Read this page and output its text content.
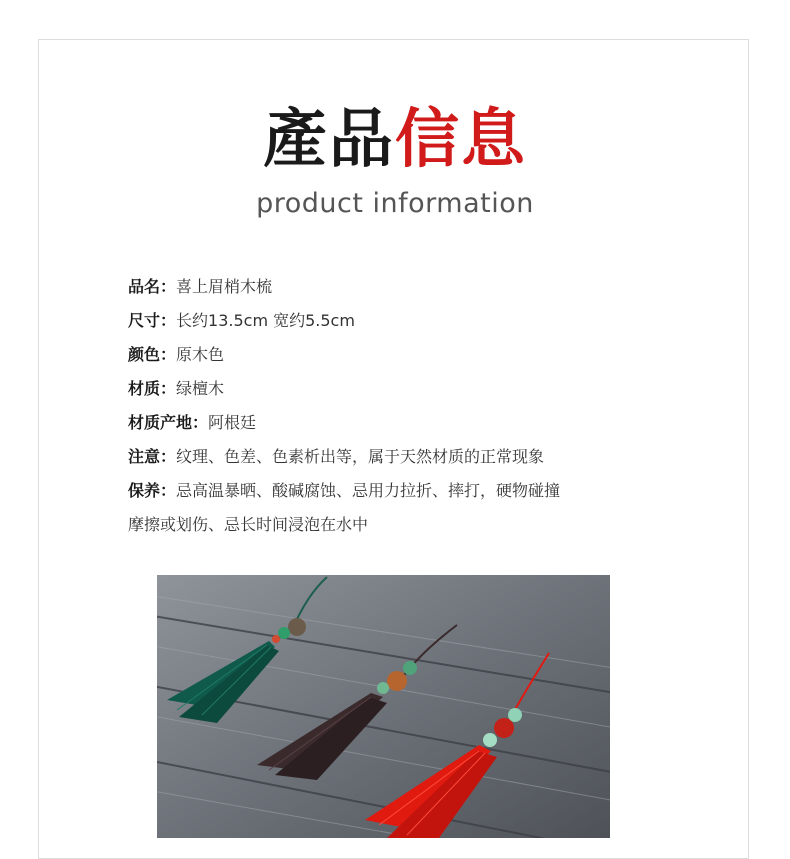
產品信息
product information
品名：喜上眉梢木梳
尺寸：长约13.5cm 宽约5.5cm
颜色：原木色
材质：绿檀木
材质产地：阿根廷
注意：纹理、色差、色素析出等，属于天然材质的正常现象
保养：忌高温暴晒、酸碱腐蚀、忌用力拉折、摔打，硬物碰撞
摩擦或划伤、忌长时间浸泡在水中
